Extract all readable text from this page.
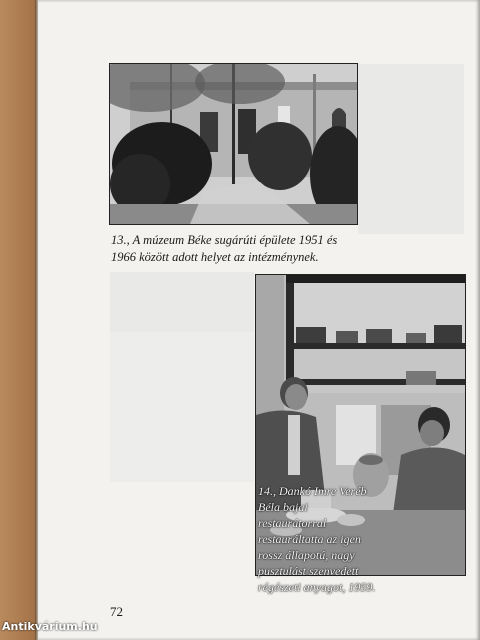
13., A múzeum Béke sugárúti épülete 1951 és 1966 között adott helyet az intézménynek.
14., Dankó Imre Veréb Béla bajai restaurátorral restauráltatta az igen rossz állapotú, nagy pusztulást szenvedett régészeti anyagot, 1959.
72
Antikvárium.hu
